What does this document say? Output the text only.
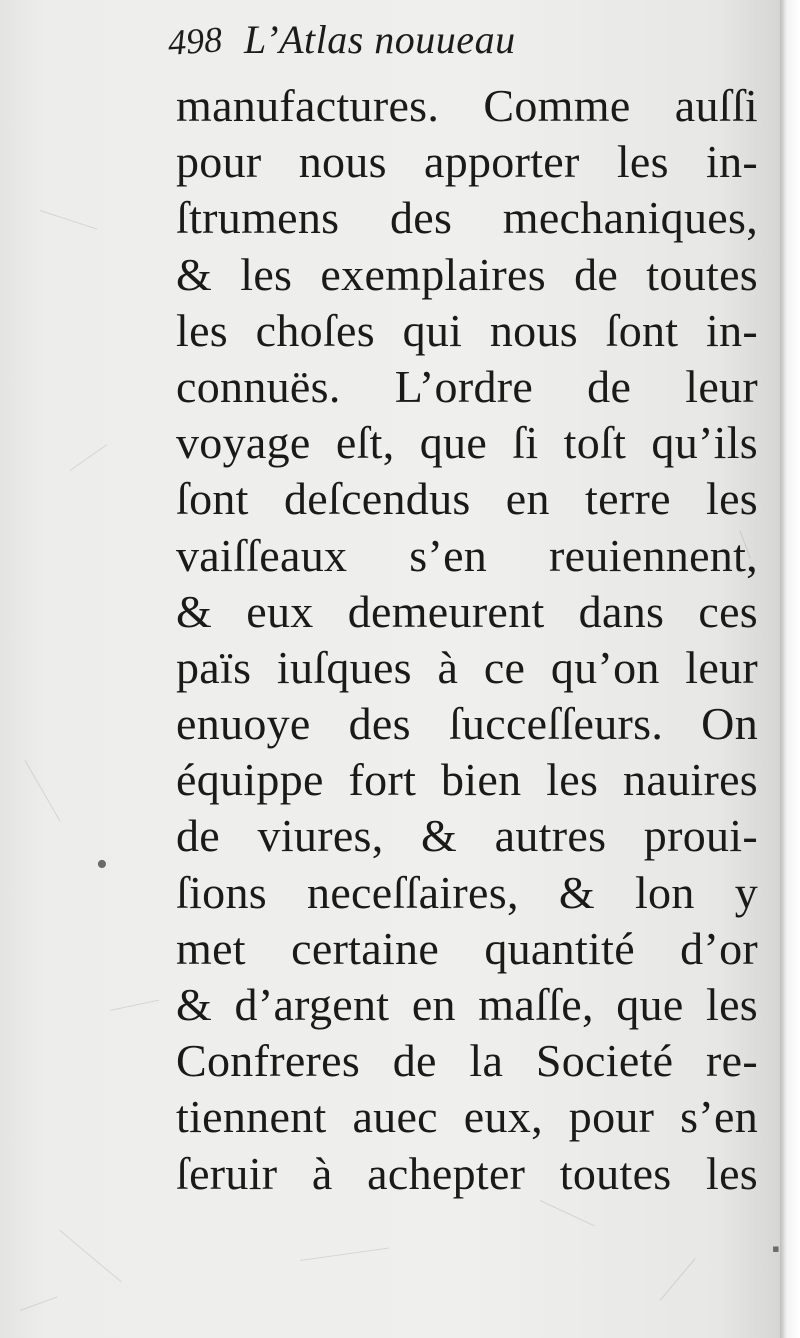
•
▪
498 L’Atlas nouueau
manufactures. Comme auſſi
pour nous apporter les in-
ſtrumens des mechaniques,
& les exemplaires de toutes
les choſes qui nous ſont in-
connuës. L’ordre de leur
voyage eſt, que ſi toſt qu’ils
ſont deſcendus en terre les
vaiſſeaux s’en reuiennent,
& eux demeurent dans ces
païs iuſques à ce qu’on leur
enuoye des ſucceſſeurs. On
équippe fort bien les nauires
de viures, & autres proui-
ſions neceſſaires, & lon y
met certaine quantité d’or
& d’argent en maſſe, que les
Confreres de la Societé re-
tiennent auec eux, pour s’en
ſeruir à achepter toutes les
